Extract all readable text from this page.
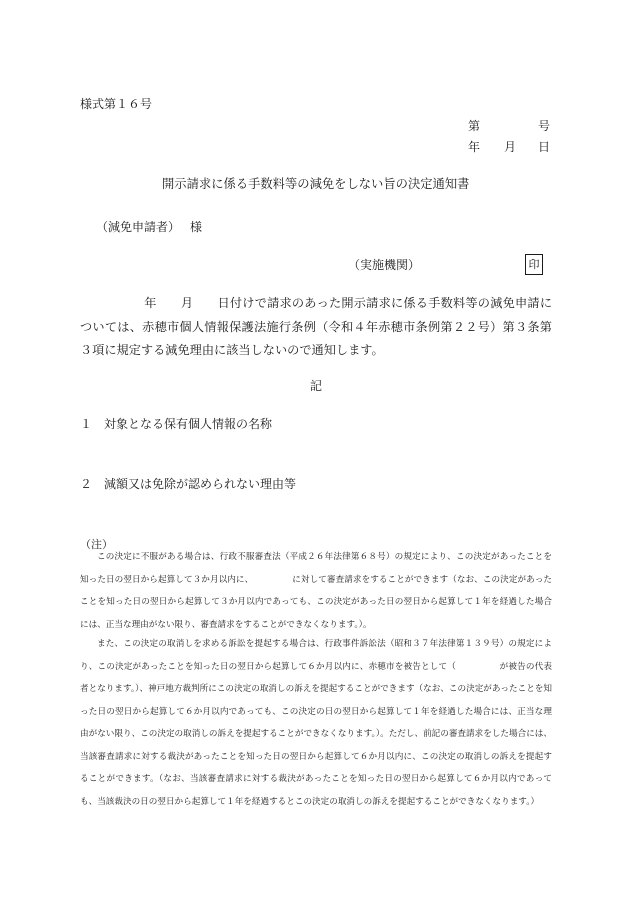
様式第１６号
第	号
年 月 日
開示請求に係る手数料等の減免をしない旨の決定通知書
（減免申請者） 様
（実施機関）	印
年 月 日付けで請求のあった開示請求に係る手数料等の減免申請については、赤穂市個人情報保護法施行条例（令和４年赤穂市条例第２２号）第３条第３項に規定する減免理由に該当しないので通知します。
記
１ 対象となる保有個人情報の名称
２ 減額又は免除が認められない理由等
（注）
この決定に不服がある場合は、行政不服審査法（平成２６年法律第６８号）の規定により、この決定があったことを知った日の翌日から起算して３か月以内に、　　　　　に対して審査請求をすることができます（なお、この決定があったことを知った日の翌日から起算して３か月以内であっても、この決定があった日の翌日から起算して１年を経過した場合には、正当な理由がない限り、審査請求をすることができなくなります。）。
また、この決定の取消しを求める訴訟を提起する場合は、行政事件訴訟法（昭和３７年法律第１３９号）の規定により、この決定があったことを知った日の翌日から起算して６か月以内に、赤穂市を被告として（　　　　　が被告の代表者となります。）、神戸地方裁判所にこの決定の取消しの訴えを提起することができます（なお、この決定があったことを知った日の翌日から起算して６か月以内であっても、この決定の日の翌日から起算して１年を経過した場合には、正当な理由がない限り、この決定の取消しの訴えを提起することができなくなります。）。ただし、前記の審査請求をした場合には、当該審査請求に対する裁決があったことを知った日の翌日から起算して６か月以内に、この決定の取消しの訴えを提起することができます。（なお、当該審査請求に対する裁決があったことを知った日の翌日から起算して６か月以内であっても、当該裁決の日の翌日から起算して１年を経過するとこの決定の取消しの訴えを提起することができなくなります。）
